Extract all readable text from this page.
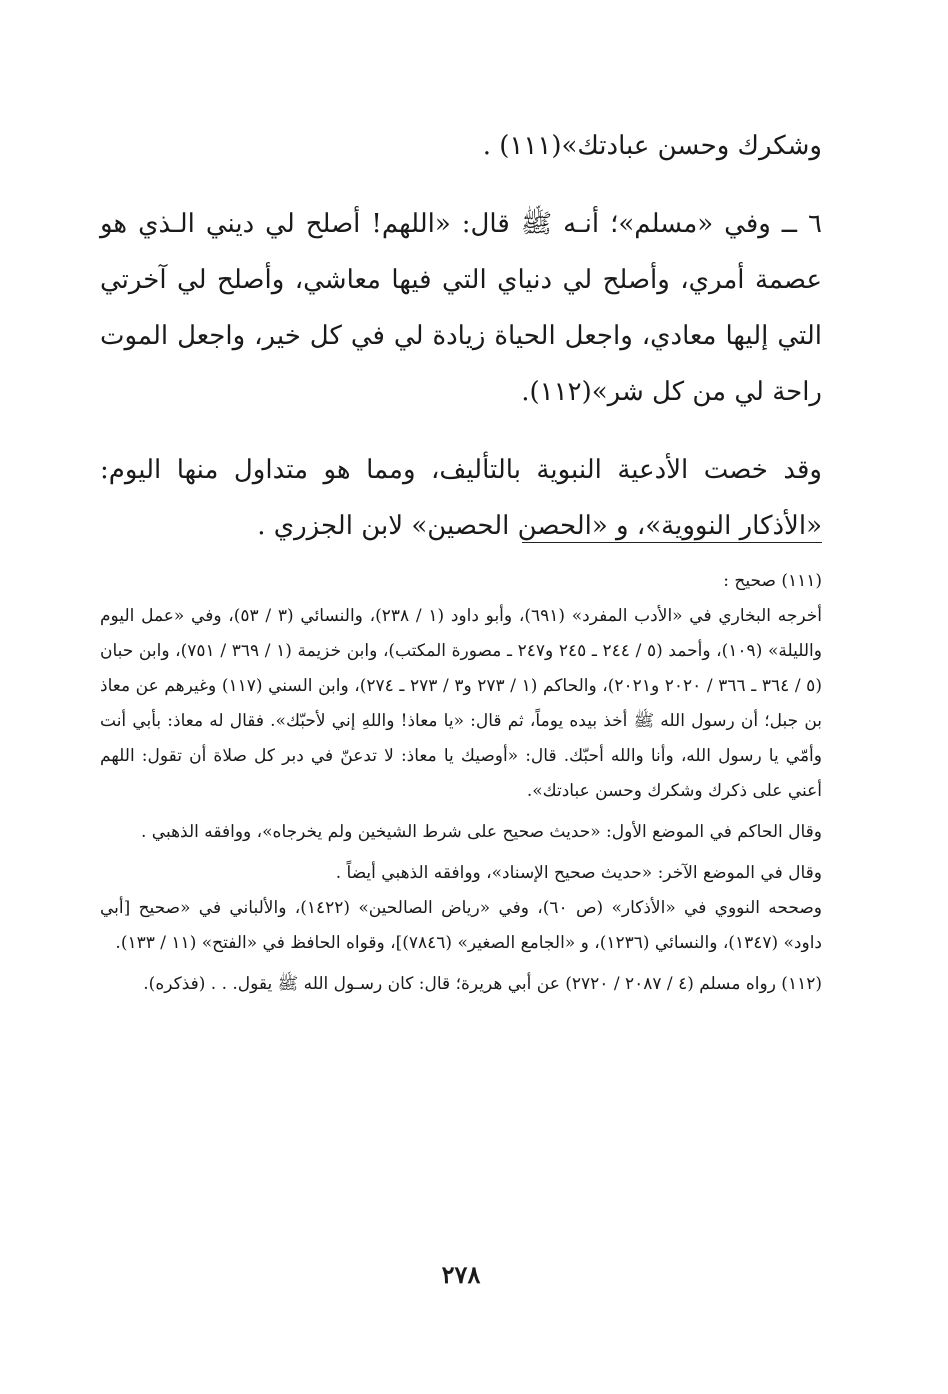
وشكرك وحسن عبادتك»(١١١) .

٦ ــ وفي «مسلم»؛ أنـه ﷺ قال: «اللهم! أصلح لي ديني الـذي هو عصمة أمري، وأصلح لي دنياي التي فيها معاشي، وأصلح لي آخرتي التي إليها معادي، واجعل الحياة زيادة لي في كل خير، واجعل الموت راحة لي من كل شر»(١١٢).

وقد خصت الأدعية النبوية بالتأليف، ومما هو متداول منها اليوم: «الأذكار النووية»، و «الحصن الحصين» لابن الجزري .

(١١١) صحيح :

أخرجه البخاري في «الأدب المفرد» (٦٩١)، وأبو داود (١ / ٢٣٨)، والنسائي (٣ / ٥٣)، وفي «عمل اليوم والليلة» (١٠٩)، وأحمد (٥ / ٢٤٤ ـ ٢٤٥ و٢٤٧ ـ مصورة المكتب)، وابن خزيمة (١ / ٣٦٩ / ٧٥١)، وابن حبان (٥ / ٣٦٤ ـ ٣٦٦ / ٢٠٢٠ و٢٠٢١)، والحاكم (١ / ٢٧٣ و٣ / ٢٧٣ ـ ٢٧٤)، وابن السني (١١٧) وغيرهم عن معاذ بن جبل؛ أن رسول الله ﷺ أخذ بيده يوماً، ثم قال: «يا معاذ! واللهِ إني لأحبّك». فقال له معاذ: بأبي أنت وأمّي يا رسول الله، وأنا والله أحبّك. قال: «أوصيك يا معاذ: لا تدعنّ في دبر كل صلاة أن تقول: اللهم أعني على ذكرك وشكرك وحسن عبادتك».

وقال الحاكم في الموضع الأول: «حديث صحيح على شرط الشيخين ولم يخرجاه»، ووافقه الذهبي .

وقال في الموضع الآخر: «حديث صحيح الإسناد»، ووافقه الذهبي أيضاً .

وصححه النووي في «الأذكار» (ص ٦٠)، وفي «رياض الصالحين» (١٤٢٢)، والألباني في «صحيح [أبي داود» (١٣٤٧)، والنسائي (١٢٣٦)، و «الجامع الصغير» (٧٨٤٦)]، وقواه الحافظ في «الفتح» (١١ / ١٣٣).

(١١٢) رواه مسلم (٤ / ٢٠٨٧ / ٢٧٢٠) عن أبي هريرة؛ قال: كان رسـول الله ﷺ يقول. . . (فذكره).

٢٧٨
